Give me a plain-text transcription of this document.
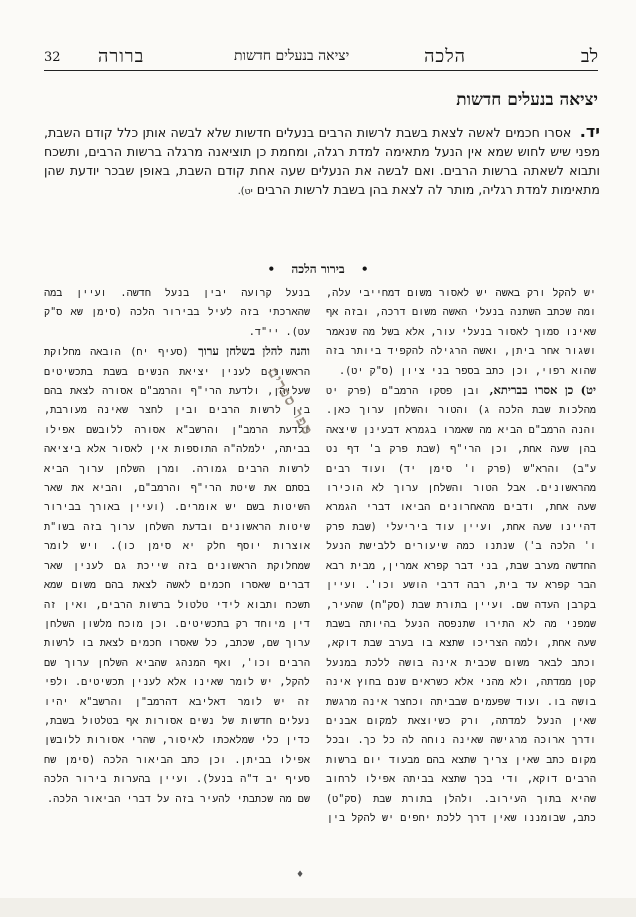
לב
הלכה
יציאה בנעלים חדשות
ברורה
32
יציאה בנעלים חדשות
יד. אסרו חכמים לאשה לצאת בשבת לרשות הרבים בנעלים חדשות שלא לבשה אותן כלל קודם השבת, מפני שיש לחוש שמא אין הנעל מתאימה למדת רגלה, ומחמת כן תוציאנה מרגלה ברשות הרבים, ותשכח ותבוא לשאתה ברשות הרבים. ואם לבשה את הנעלים שעה אחת קודם השבת, באופן שבכר יודעת שהן מתאימות למדת רגליה, מותר לה לצאת בהן בשבת לרשות הרבים יט).
• בירור הלכה •

יש להקל ורק באשה יש לאסור משום דמחייבי עלה, ומה שכתב השתנה בנעלי האשה משום דרכה, ובזה אף שאינו סמוך לאסור בנעלי עור, אלא בשל מה שנאמר ושגור אחר ביתן, ואשה הרגילה להקפיד ביותר בזה שהוא רפוי, וכן כתב בספר בני ציון (ס"ק יט).

יט) כן אסרו בבריתא, ובן פסקו הרמב"ם (פרק יט מהלכות שבת הלכה ג) והטור והשלחן ערוך כאן. והנה הרמב"ם הביא מה שאמרו בגמרא דבעינן שיצאה בהן שעה אחת, וכן הרי"ף (שבת פרק ב' דף נט ע"ב) והרא"ש (פרק ו' סימן יד) ועוד רבים מהראשונים. אבל הטור והשלחן ערוך לא הוכירו שעה אחת, ודבים מהאחרונים הביאו דברי הגמרא דהיינו שעה אחת, ועיין עוד ביריעלי (שבת פרק ו' הלכה ב') שנתנו כמה שיעורים ללבישת הנעל החדשה מערב שבת, בני דבר קפרא אמרין, מבית רבא הבר קפרא עד בית, רבה דרבי הושע וכו'. ועיין בקרבן העדה שם. ועיין בתורת שבת (סק"ח) שהעיר, שמפני מה לא התירו שתנפסה הנעל בהיותה בשבת שעה אחת, ולמה הצריכו שתצא בו בערב שבת דוקא, וכתב לבאר משום שכבית אינה בושה ללכת במנעל קטן ממדתה, ולא מהני אלא כשראים שנם בחוץ אינה בושה בו. ועוד שפעמים שבביתה וכחצר אינה מרגשת שאין הנעל למדתה, ורק כשיוצאת למקום אבנים ודרך ארוכה מרגישה שאינה נוחה לה כל כך. ובכל מקום כתב שאין צריך שתצא בהם מבעוד יום ברשות הרבים דוקא, ודי בכך שתצא בביתה אפילו לרחוב שהיא בתוך העירוב. ולהלן בתורת שבת (סק"ט) כתב, שבומננו שאין דרך ללכת יחפים יש להקל בין

בנעל קרועה יבין בנעל חדשה. ועיין במה שהארכתי בזה לעיל בבירור הלכה (סימן שא ס"ק עט). יי"ד.

והנה להלן בשלחן ערוך (סעיף יח) הובאה מחלוקת הראשונים לענין יציאת הנשים בשבת בתכשיטים שעליהן, ולדעת הרי"ף והרמב"ם אסורה לצאת בהם בין לרשות הרבים ובין לחצר שאינה מעורבת, ולדעת הרמב"ן והרשב"א אסורה ללובשם אפילו בביתה, ילמלה"ה התוספות אין לאסור אלא ביציאה לרשות הרבים גמורה. ומרן השלחן ערוך הביא בסתם את שיטת הרי"ף והרמב"ם, והביא את שאר השיטות בשם יש אומרים. (ועיין באורך בבירור שיטות הראשונים ובדעת השלחן ערוך בזה בשו"ת אוצרות יוסף חלק יא סימן כו). ויש לומר שמחלוקת הראשונים בזה שייכת גם לענין שאר דברים שאסרו חכמים לאשה לצאת בהם משום שמא תשכח ותבוא לידי טלטול ברשות הרבים, ואין זה דין מיוחד רק בתכשיטים. וכן מוכח מלשון השלחן ערוך שם, שכתב, כל שאסרו חכמים לצאת בו לרשות הרבים וכו', ואף המנהג שהביא השלחן ערוך שם להקל, יש לומר שאינו אלא לענין תכשיטים. ולפי זה יש לומר דאליבא דהרמב"ן והרשב"א יהיו נעלים חדשות של נשים אסורות אף בטלטול בשבת, כדין כלי שמלאכתו לאיסור, שהרי אסורות ללובשן אפילו בביתן. וכן כתב הביאור הלכה (סימן שח סעיף יב ד"ה בנעל). ועיין בהערות בירור הלכה שם מה שכתבתי להעיר בזה על דברי הביאור הלכה.

ספר ספרים
♦
